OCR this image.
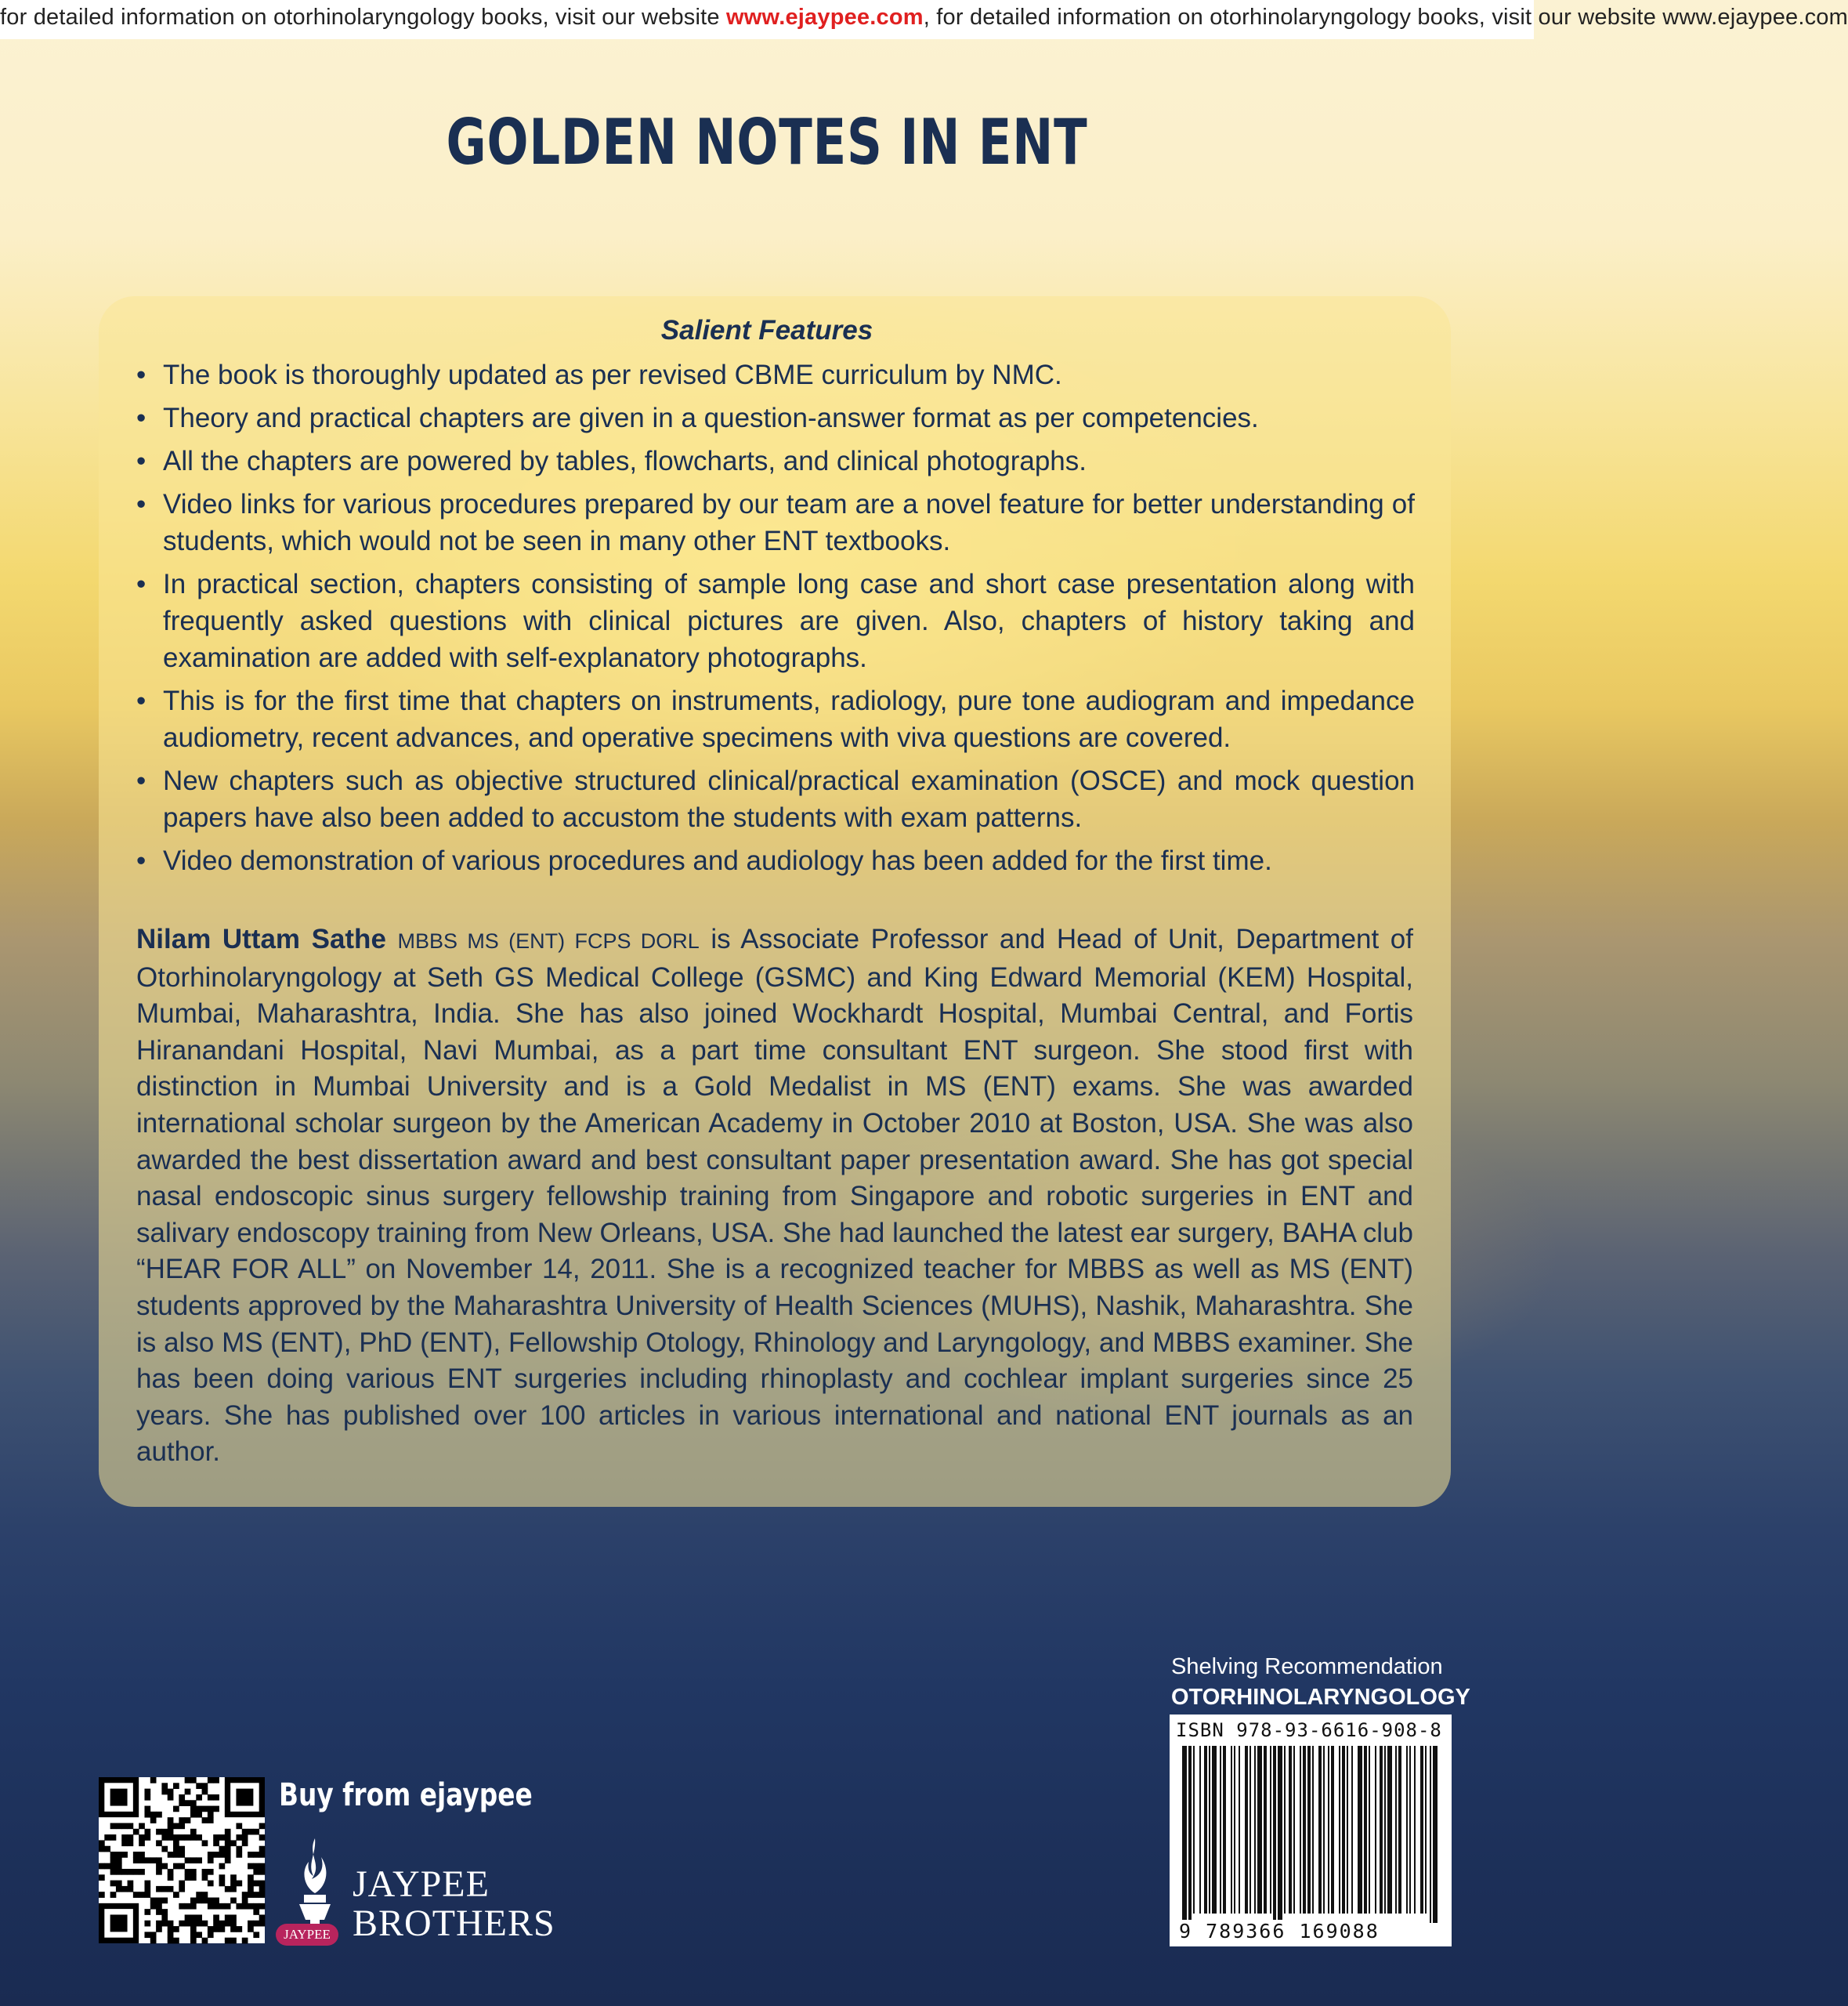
for detailed information on otorhinolaryngology books, visit our website www.ejaypee.com, for detailed information on otorhinolaryngology books, visit our website www.ejaypee.com
GOLDEN NOTES IN ENT
Salient Features
• The book is thoroughly updated as per revised CBME curriculum by NMC.
• Theory and practical chapters are given in a question-answer format as per competencies.
• All the chapters are powered by tables, flowcharts, and clinical photographs.
• Video links for various procedures prepared by our team are a novel feature for better understanding of students, which would not be seen in many other ENT textbooks.
• In practical section, chapters consisting of sample long case and short case presentation along with frequently asked questions with clinical pictures are given. Also, chapters of history taking and examination are added with self-explanatory photographs.
• This is for the first time that chapters on instruments, radiology, pure tone audiogram and impedance audiometry, recent advances, and operative specimens with viva questions are covered.
• New chapters such as objective structured clinical/practical examination (OSCE) and mock question papers have also been added to accustom the students with exam patterns.
• Video demonstration of various procedures and audiology has been added for the first time.
Nilam Uttam Sathe MBBS MS (ENT) FCPS DORL is Associate Professor and Head of Unit, Department of Otorhinolaryngology at Seth GS Medical College (GSMC) and King Edward Memorial (KEM) Hospital, Mumbai, Maharashtra, India. She has also joined Wockhardt Hospital, Mumbai Central, and Fortis Hiranandani Hospital, Navi Mumbai, as a part time consultant ENT surgeon. She stood first with distinction in Mumbai University and is a Gold Medalist in MS (ENT) exams. She was awarded international scholar surgeon by the American Academy in October 2010 at Boston, USA. She was also awarded the best dissertation award and best consultant paper presentation award. She has got special nasal endoscopic sinus surgery fellowship training from Singapore and robotic surgeries in ENT and salivary endoscopy training from New Orleans, USA. She had launched the latest ear surgery, BAHA club “HEAR FOR ALL” on November 14, 2011. She is a recognized teacher for MBBS as well as MS (ENT) students approved by the Maharashtra University of Health Sciences (MUHS), Nashik, Maharashtra. She is also MS (ENT), PhD (ENT), Fellowship Otology, Rhinology and Laryngology, and MBBS examiner. She has been doing various ENT surgeries including rhinoplasty and cochlear implant surgeries since 25 years. She has published over 100 articles in various international and national ENT journals as an author.
Shelving Recommendation
OTORHINOLARYNGOLOGY
ISBN 978-93-6616-908-8
9 789366 169088
Buy from ejaypee
JAYPEE
JAYPEE
BROTHERS
